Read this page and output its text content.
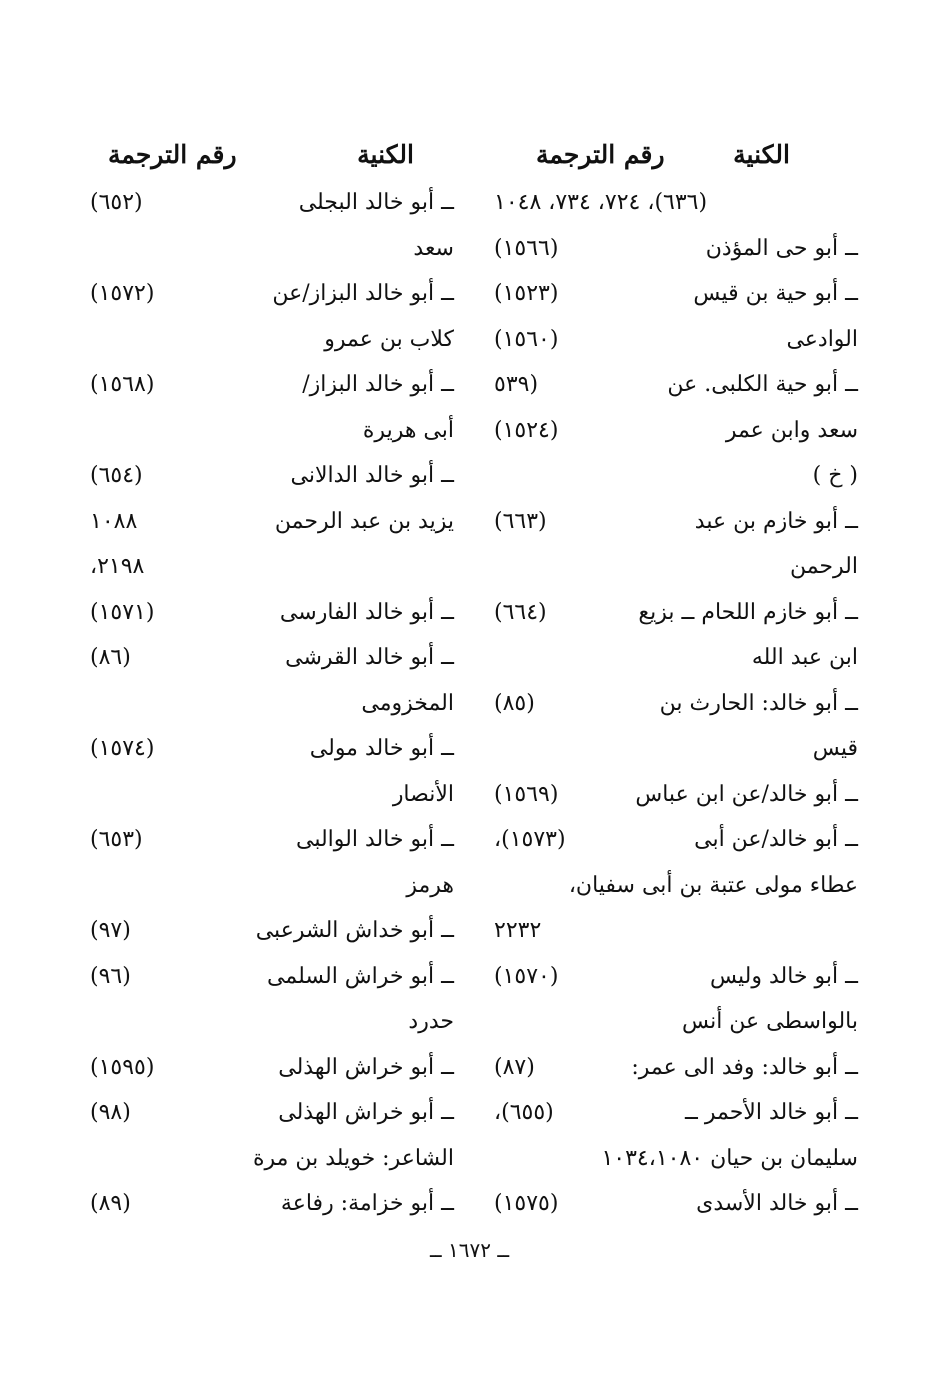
الكنية
رقم الترجمة
الكنية
رقم الترجمة
(٦٣٦)، ٧٢٤، ٧٣٤، ١٠٤٨
ــ أبو حى المؤذن
(١٥٦٦)
ــ أبو حية بن قيس
(١٥٢٣)
الوادعى
(١٥٦٠)
ــ أبو حية الكلبى. عن
(٥٣٩
سعد وابن عمر
(١٥٢٤)
( خ )
ــ أبو خازم بن عبد
(٦٦٣)
الرحمن
ــ أبو خازم اللحام ــ بزيع
(٦٦٤)
ابن عبد الله
ــ أبو خالد: الحارث بن
(٨٥)
قيس
ــ أبو خالد/عن ابن عباس
(١٥٦٩)
ــ أبو خالد/عن أبى
(١٥٧٣)،
عطاء مولى عتبة بن أبى سفيان،
٢٢٣٢
ــ أبو خالد وليس
(١٥٧٠)
بالواسطى عن أنس
ــ أبو خالد: وفد الى عمر:
(٨٧)
ــ أبو خالد الأحمر ــ
(٦٥٥)،
سليمان بن حيان ١٠٣٤،١٠٨٠
ــ أبو خالد الأسدى
(١٥٧٥)
ــ أبو خالد البجلى
(٦٥٢)
سعد
ــ أبو خالد البزاز/عن
(١٥٧٢)
كلاب بن عمرو
ــ أبو خالد البزاز/
(١٥٦٨)
أبى هريرة
ــ أبو خالد الدالانى
(٦٥٤)
يزيد بن عبد الرحمن
١٠٨٨
٢١٩٨،
ــ أبو خالد الفارسى
(١٥٧١)
ــ أبو خالد القرشى
(٨٦)
المخزومى
ــ أبو خالد مولى
(١٥٧٤)
الأنصار
ــ أبو خالد الوالبى
(٦٥٣)
هرمز
ــ أبو خداش الشرعبى
(٩٧)
ــ أبو خراش السلمى
(٩٦)
حدرد
ــ أبو خراش الهذلى
(١٥٩٥)
ــ أبو خراش الهذلى
(٩٨)
الشاعر: خويلد بن مرة
ــ أبو خزامة: رفاعة
(٨٩)
ــ ١٦٧٢ ــ
